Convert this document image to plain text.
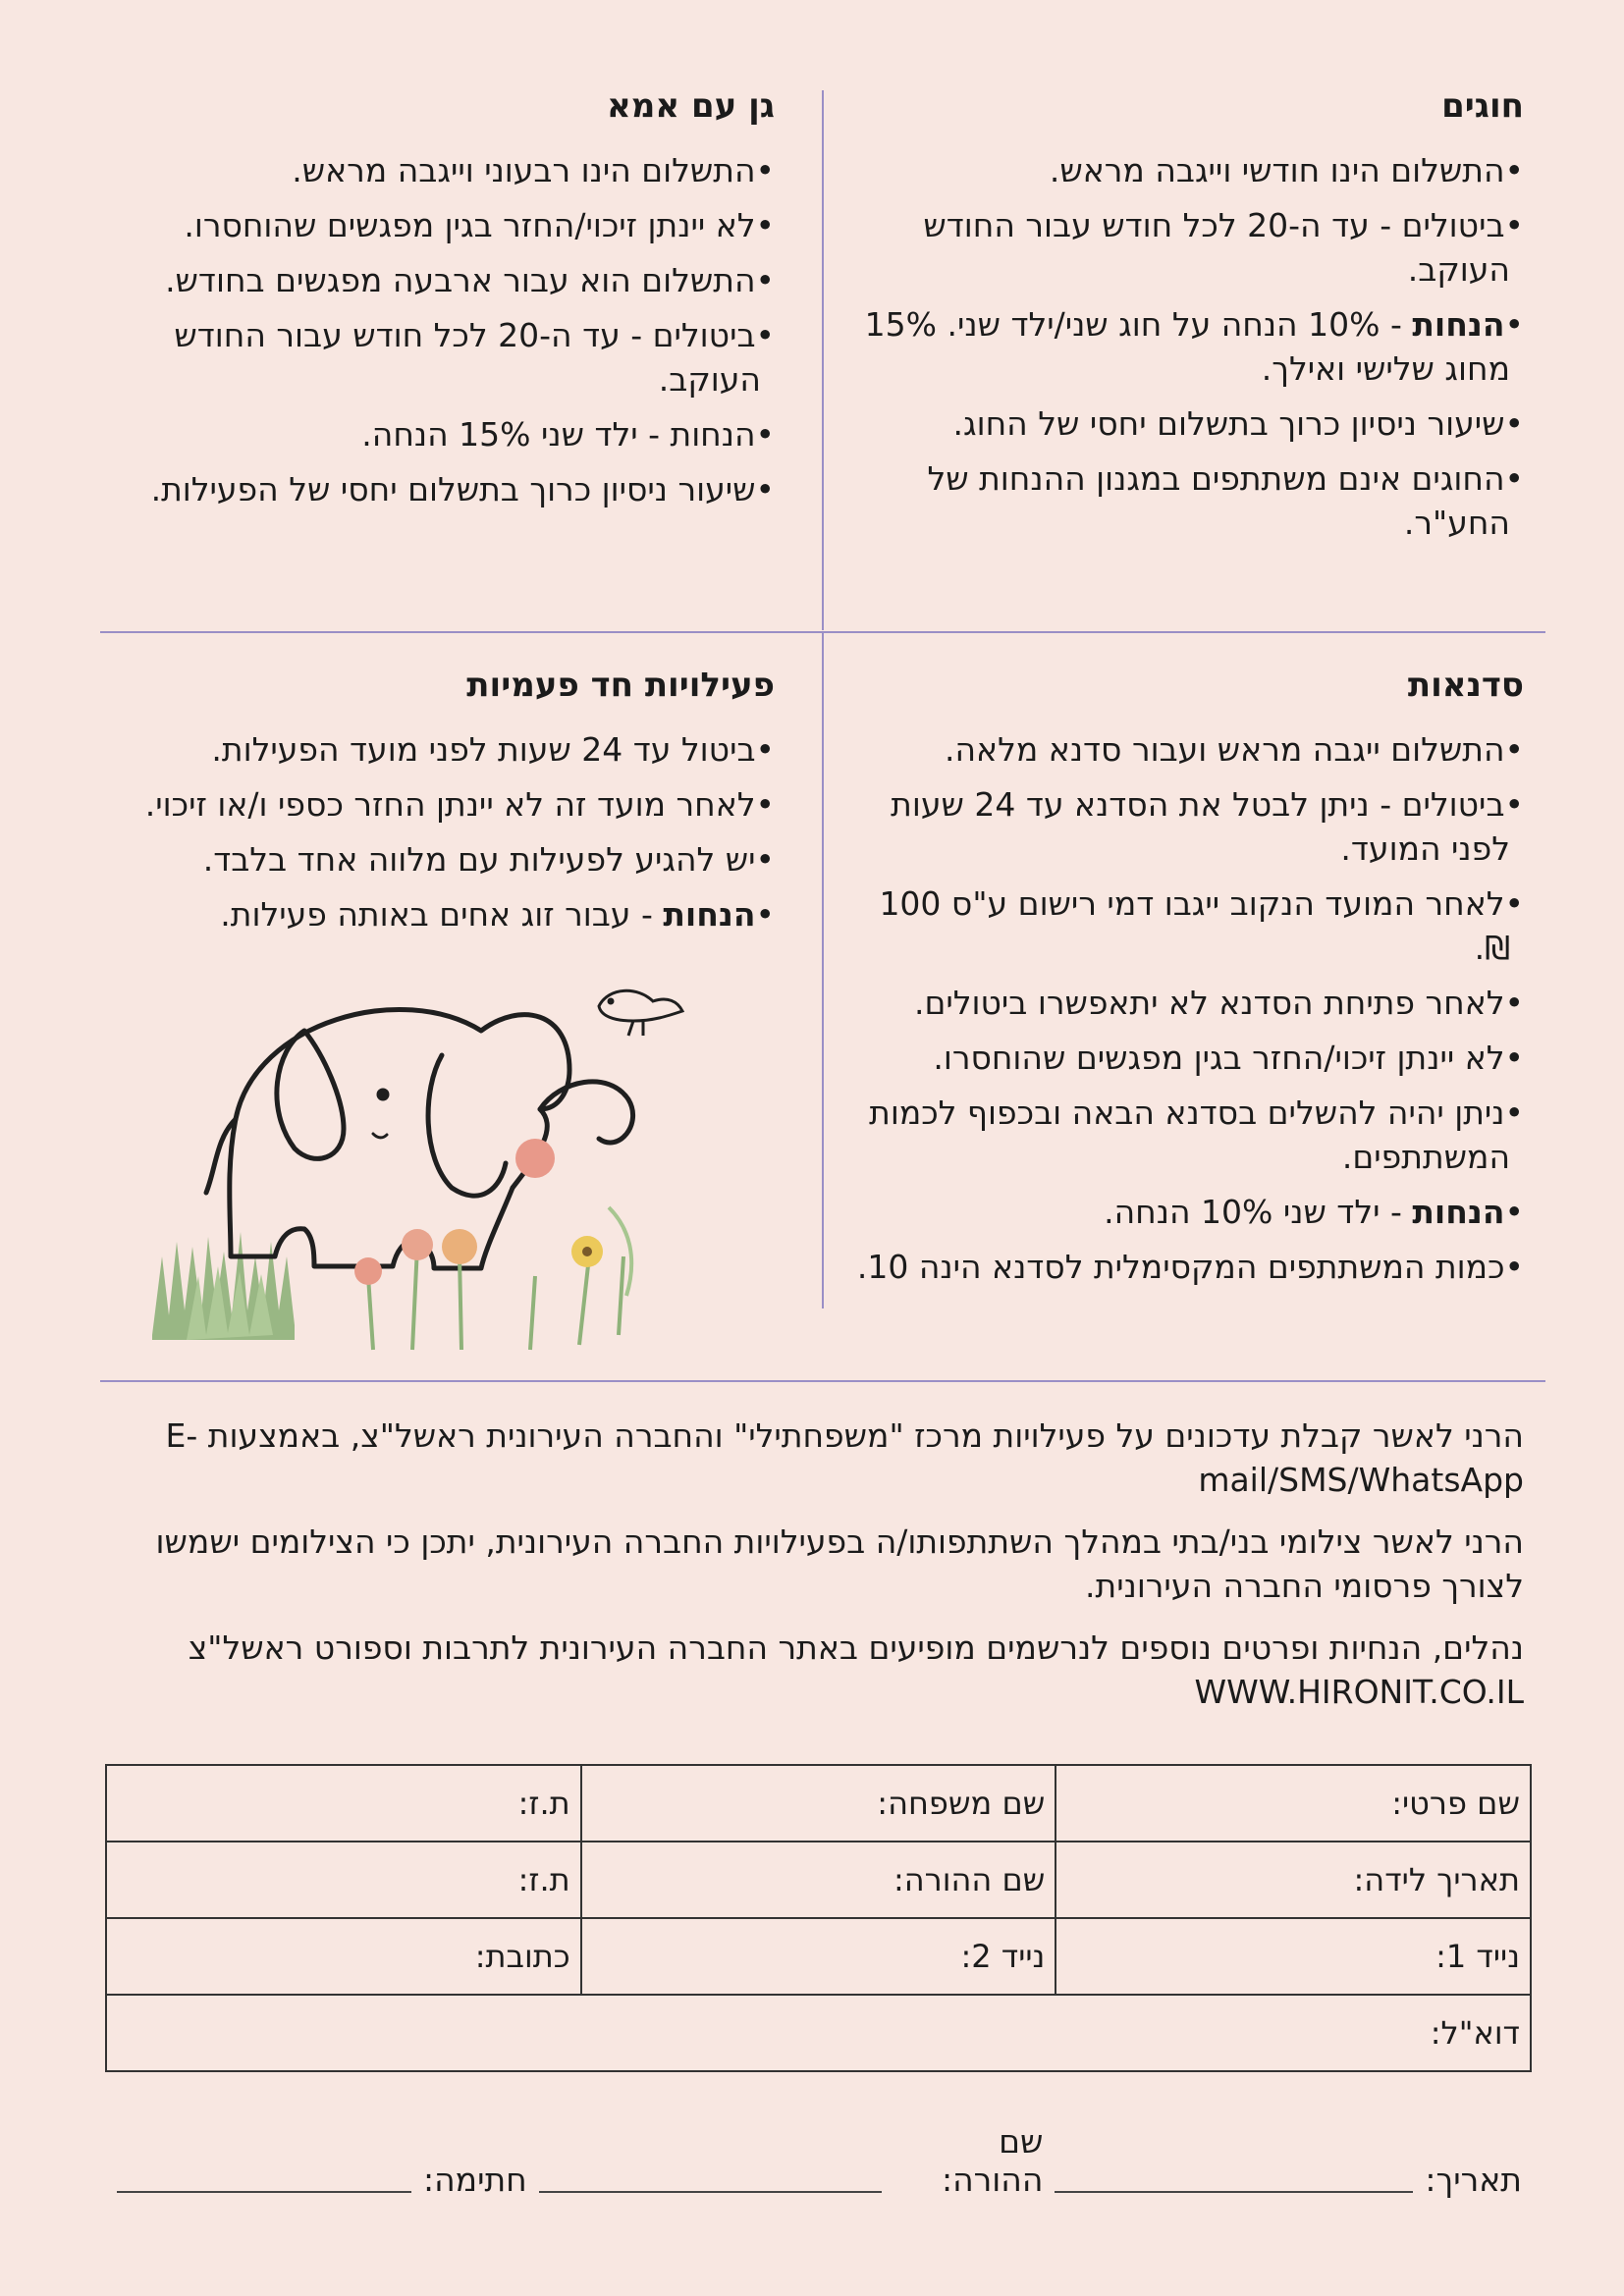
חוגים
•התשלום הינו חודשי וייגבה מראש.
•ביטולים - עד ה-20 לכל חודש עבור החודש העוקב.
•הנחות - 10% הנחה על חוג שני/ילד שני. 15% מחוג שלישי ואילך.
•שיעור ניסיון כרוך בתשלום יחסי של החוג.
•החוגים אינם משתתפים במגנון ההנחות של החע"ר.
גן עם אמא
•התשלום הינו רבעוני וייגבה מראש.
•לא יינתן זיכוי/החזר בגין מפגשים שהוחסרו.
•התשלום הוא עבור ארבעה מפגשים בחודש.
•ביטולים - עד ה-20 לכל חודש עבור החודש העוקב.
•הנחות - ילד שני 15% הנחה.
•שיעור ניסיון כרוך בתשלום יחסי של הפעילות.
סדנאות
•התשלום ייגבה מראש ועבור סדנא מלאה.
•ביטולים - ניתן לבטל את הסדנא עד 24 שעות לפני המועד.
•לאחר המועד הנקוב ייגבו דמי רישום ע"ס 100 ₪.
•לאחר פתיחת הסדנא לא יתאפשרו ביטולים.
•לא יינתן זיכוי/החזר בגין מפגשים שהוחסרו.
•ניתן יהיה להשלים בסדנא הבאה ובכפוף לכמות המשתתפים.
•הנחות - ילד שני 10% הנחה.
•כמות המשתתפים המקסימלית לסדנא הינה 10.
פעילויות חד פעמיות
•ביטול עד 24 שעות לפני מועד הפעילות.
•לאחר מועד זה לא יינתן החזר כספי ו/או זיכוי.
•יש להגיע לפעילות עם מלווה אחד בלבד.
•הנחות - עבור זוג אחים באותה פעילות.

הרני לאשר קבלת עדכונים על פעילויות מרכז "משפחתילי" והחברה העירונית ראשל"צ, באמצעות E-mail/SMS/WhatsApp

הרני לאשר צילומי בני/בתי במהלך השתתפותו/ה בפעילויות החברה העירונית, יתכן כי הצילומים ישמשו לצורך פרסומי החברה העירונית.

נהלים, הנחיות ופרטים נוספים לנרשמים מופיעים באתר החברה העירונית לתרבות וספורט ראשל"צ WWW.HIRONIT.CO.IL

שם פרטי:	שם משפחה:	ת.ז:
תאריך לידה:	שם ההורה:	ת.ז:
נייד 1:	נייד 2:	כתובת:
דוא"ל:		
תאריך:
שם ההורה:
חתימה:
